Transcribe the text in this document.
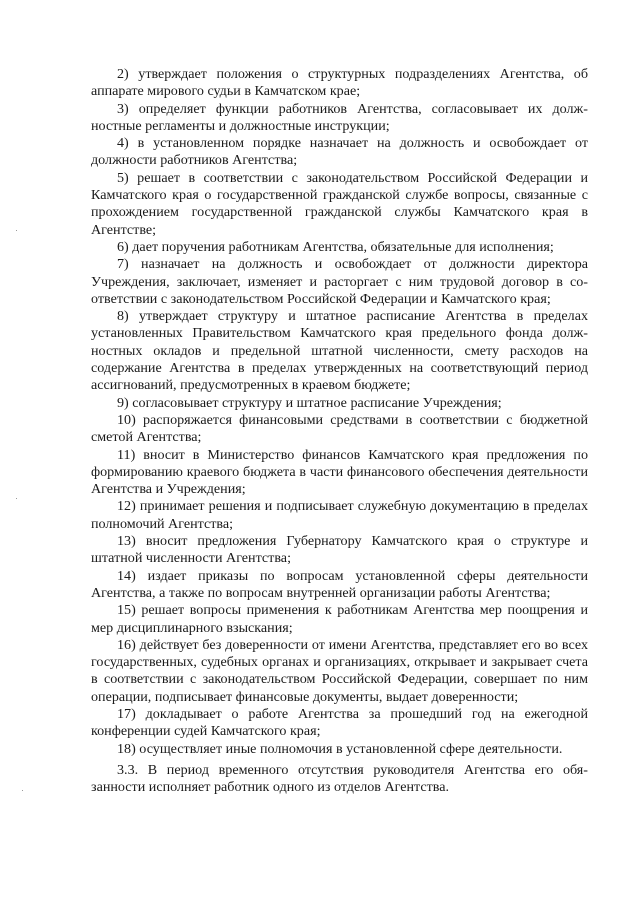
2) утверждает положения о структурных подразделениях Агентства, об аппарате мирового судьи в Камчатском крае;

3) определяет функции работников Агентства, согласовывает их должностные регламенты и должностные инструкции;

4) в установленном порядке назначает на должность и освобождает от должности работников Агентства;

5) решает в соответствии с законодательством Российской Федерации и Камчатского края о государственной гражданской службе вопросы, связанные с прохождением государственной гражданской службы Камчатского края в Агентстве;

6) дает поручения работникам Агентства, обязательные для исполнения;

7) назначает на должность и освобождает от должности директора Учреждения, заключает, изменяет и расторгает с ним трудовой договор в соответствии с законодательством Российской Федерации и Камчатского края;

8) утверждает структуру и штатное расписание Агентства в пределах установленных Правительством Камчатского края предельного фонда должностных окладов и предельной штатной численности, смету расходов на содержание Агентства в пределах утвержденных на соответствующий период ассигнований, предусмотренных в краевом бюджете;

9) согласовывает структуру и штатное расписание Учреждения;

10) распоряжается финансовыми средствами в соответствии с бюджетной сметой Агентства;

11) вносит в Министерство финансов Камчатского края предложения по формированию краевого бюджета в части финансового обеспечения деятельности Агентства и Учреждения;

12) принимает решения и подписывает служебную документацию в пределах полномочий Агентства;

13) вносит предложения Губернатору Камчатского края о структуре и штатной численности Агентства;

14) издает приказы по вопросам установленной сферы деятельности Агентства, а также по вопросам внутренней организации работы Агентства;

15) решает вопросы применения к работникам Агентства мер поощрения и мер дисциплинарного взыскания;

16) действует без доверенности от имени Агентства, представляет его во всех государственных, судебных органах и организациях, открывает и закрывает счета в соответствии с законодательством Российской Федерации, совершает по ним операции, подписывает финансовые документы, выдает доверенности;

17) докладывает о работе Агентства за прошедший год на ежегодной конференции судей Камчатского края;

18) осуществляет иные полномочия в установленной сфере деятельности.

3.3. В период временного отсутствия руководителя Агентства его обязанности исполняет работник одного из отделов Агентства.
